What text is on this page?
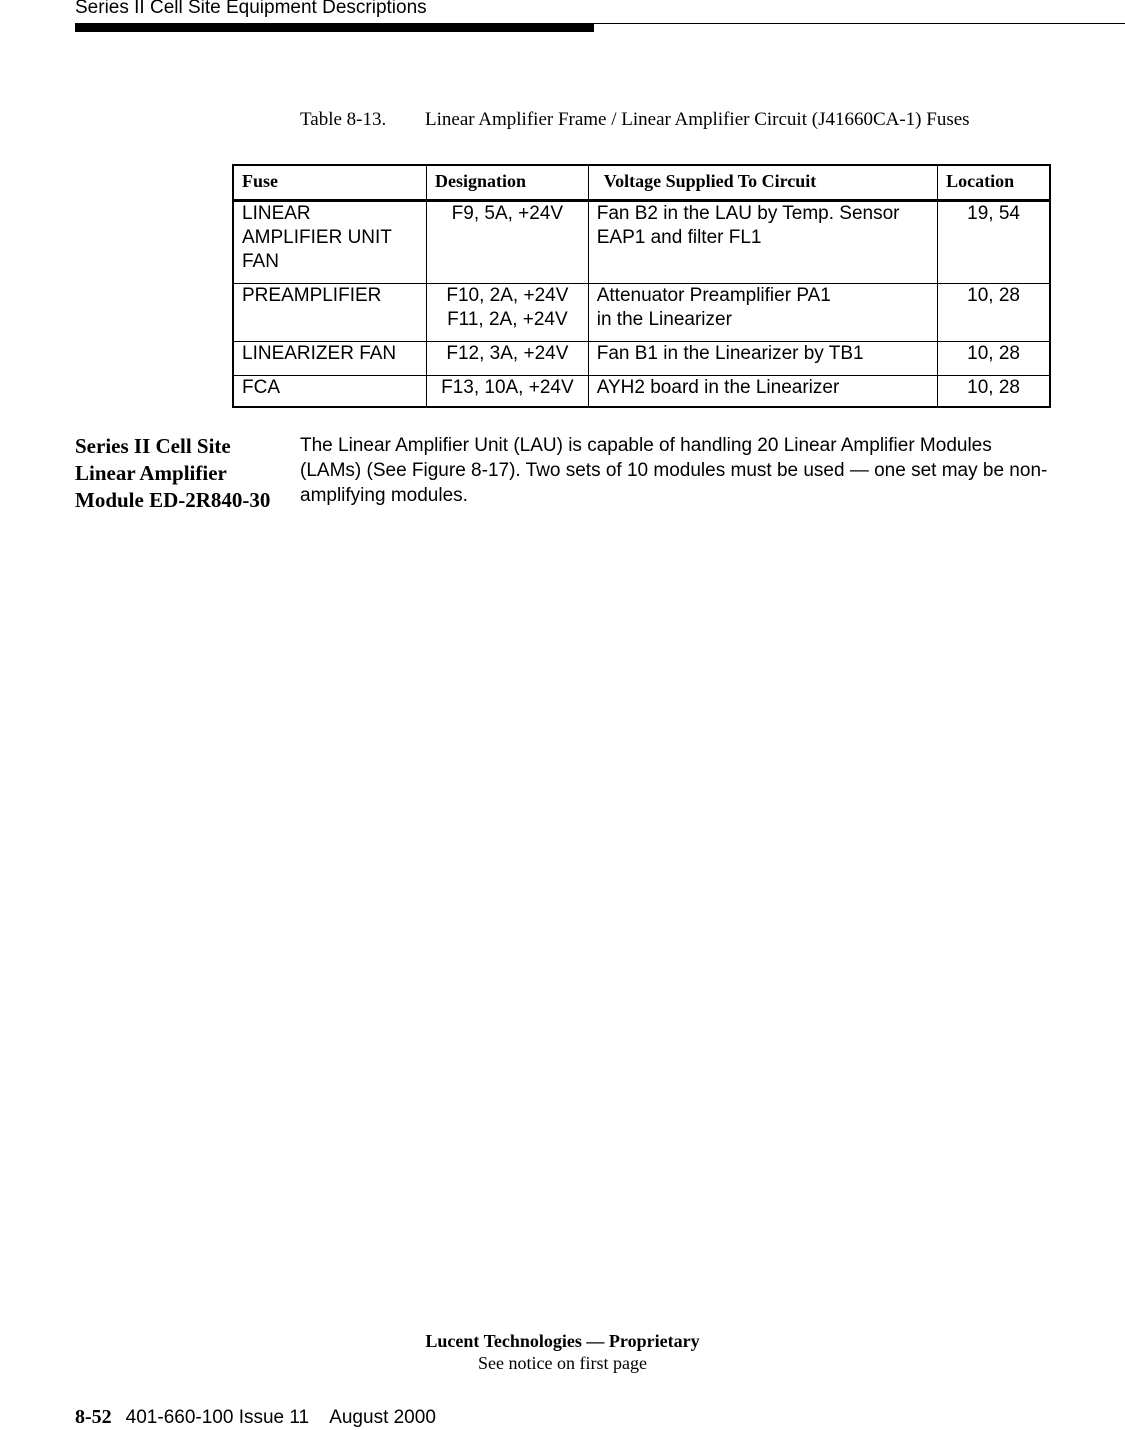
Series II Cell Site Equipment Descriptions
Table 8-13. Linear Amplifier Frame / Linear Amplifier Circuit (J41660CA-1) Fuses
Fuse	Designation	Voltage Supplied To Circuit	Location

LINEAR
AMPLIFIER UNIT
FAN	F9, 5A, +24V	Fan B2 in the LAU by Temp. Sensor
EAP1 and filter FL1	19, 54

PREAMPLIFIER	F10, 2A, +24V
F11, 2A, +24V	Attenuator Preamplifier PA1
in the Linearizer	10, 28

LINEARIZER FAN	F12, 3A, +24V	Fan B1 in the Linearizer by TB1	10, 28

FCA	F13, 10A, +24V	AYH2 board in the Linearizer	10, 28
Series II Cell Site Linear Amplifier Module ED-2R840-30
The Linear Amplifier Unit (LAU) is capable of handling 20 Linear Amplifier Modules (LAMs) (See Figure 8-17). Two sets of 10 modules must be used — one set may be non-amplifying modules.
Lucent Technologies — Proprietary
See notice on first page
8-52 401-660-100 Issue 11    August 2000
